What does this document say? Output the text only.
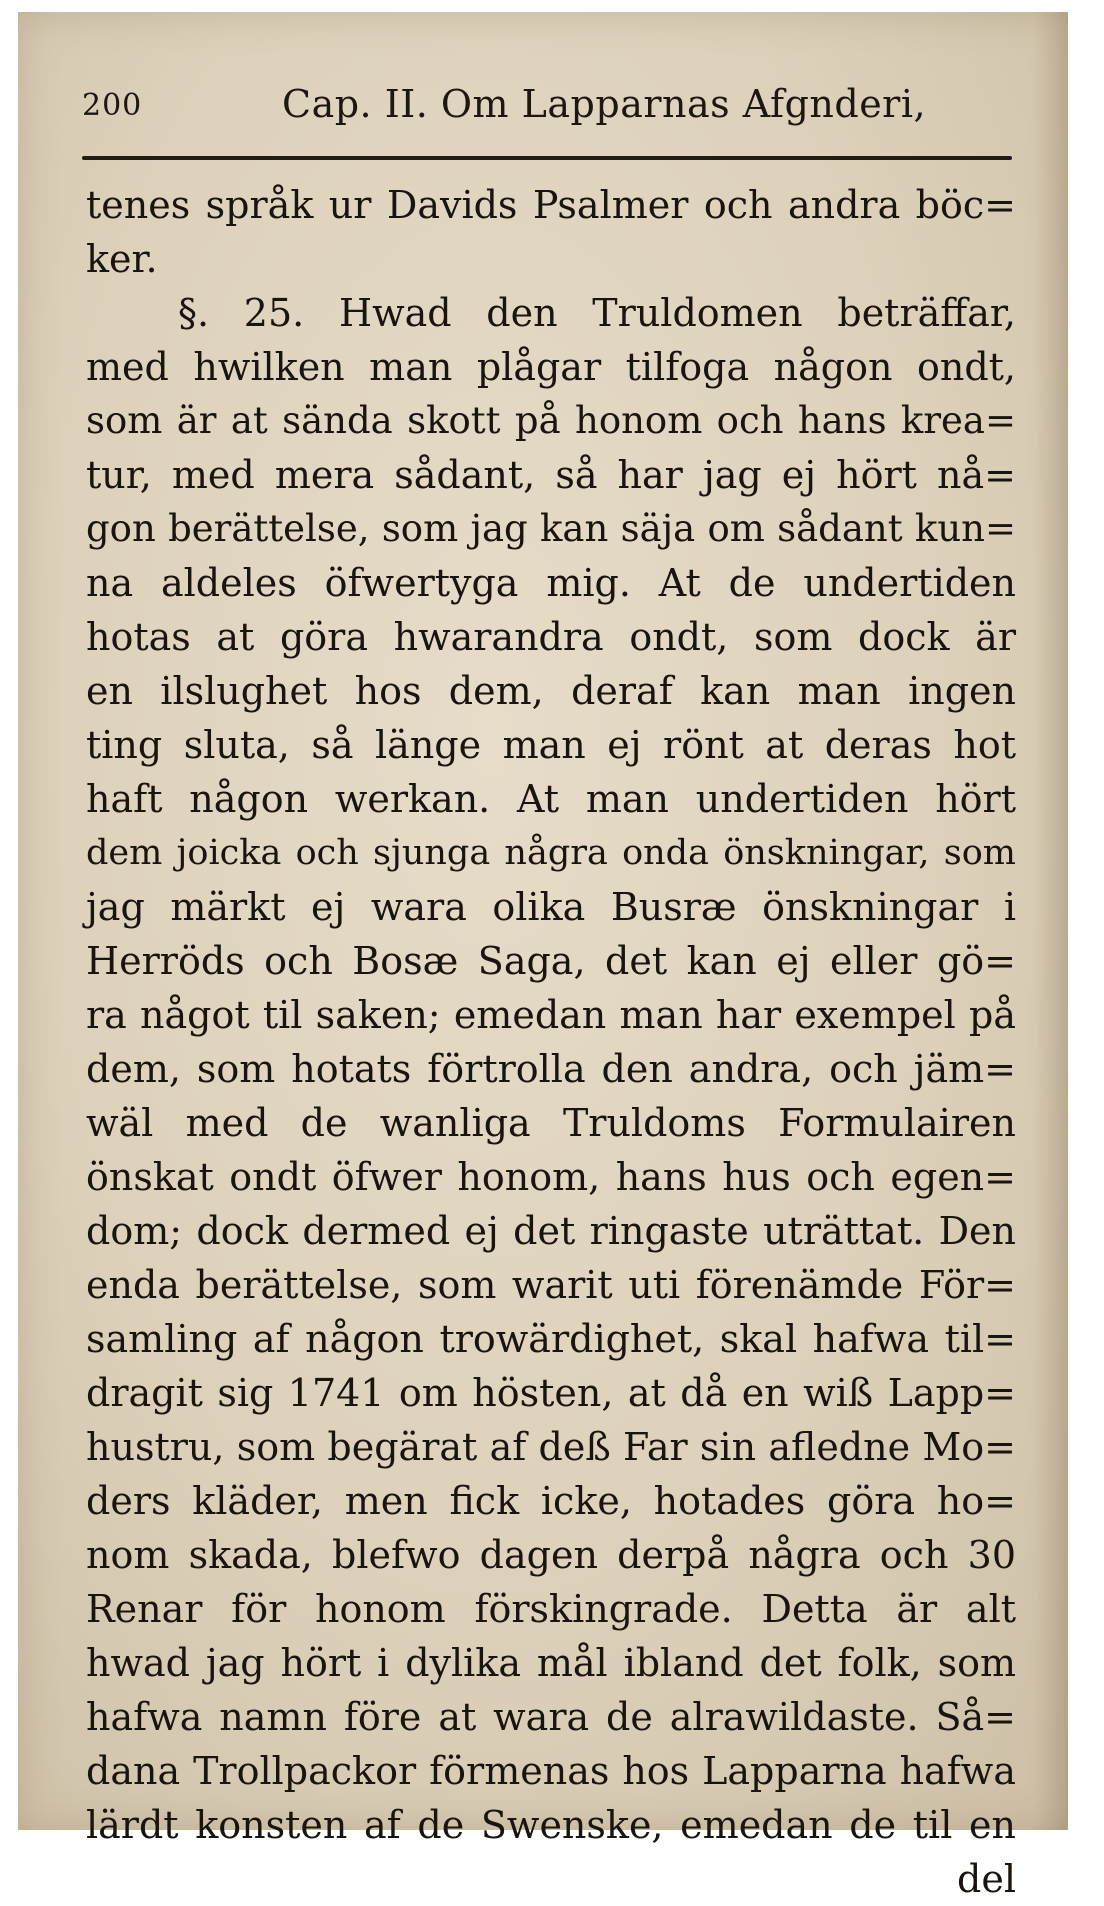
200	Cap. II. Om Lapparnas Afgnderi,
tenes språk ur Davids Psalmer och andra böc=
ker.
§. 25. Hwad den Truldomen beträffar,
med hwilken man plågar tilfoga någon ondt,
som är at sända skott på honom och hans krea=
tur, med mera sådant, så har jag ej hört nå=
gon berättelse, som jag kan säja om sådant kun=
na aldeles öfwertyga mig. At de undertiden
hotas at göra hwarandra ondt, som dock är
en ilslughet hos dem, deraf kan man ingen
ting sluta, så länge man ej rönt at deras hot
haft någon werkan. At man undertiden hört
dem joicka och sjunga några onda önskningar, som
jag märkt ej wara olika Busræ önskningar i
Herröds och Bosæ Saga, det kan ej eller gö=
ra något til saken; emedan man har exempel på
dem, som hotats förtrolla den andra, och jäm=
wäl med de wanliga Truldoms Formulairen
önskat ondt öfwer honom, hans hus och egen=
dom; dock dermed ej det ringaste uträttat. Den
enda berättelse, som warit uti förenämde För=
samling af någon trowärdighet, skal hafwa til=
dragit sig 1741 om hösten, at då en wiß Lapp=
hustru, som begärat af deß Far sin afledne Mo=
ders kläder, men fick icke, hotades göra ho=
nom skada, blefwo dagen derpå några och 30
Renar för honom förskingrade. Detta är alt
hwad jag hört i dylika mål ibland det folk, som
hafwa namn före at wara de alrawildaste. Så=
dana Trollpackor förmenas hos Lapparna hafwa
lärdt konsten af de Swenske, emedan de til en
del
